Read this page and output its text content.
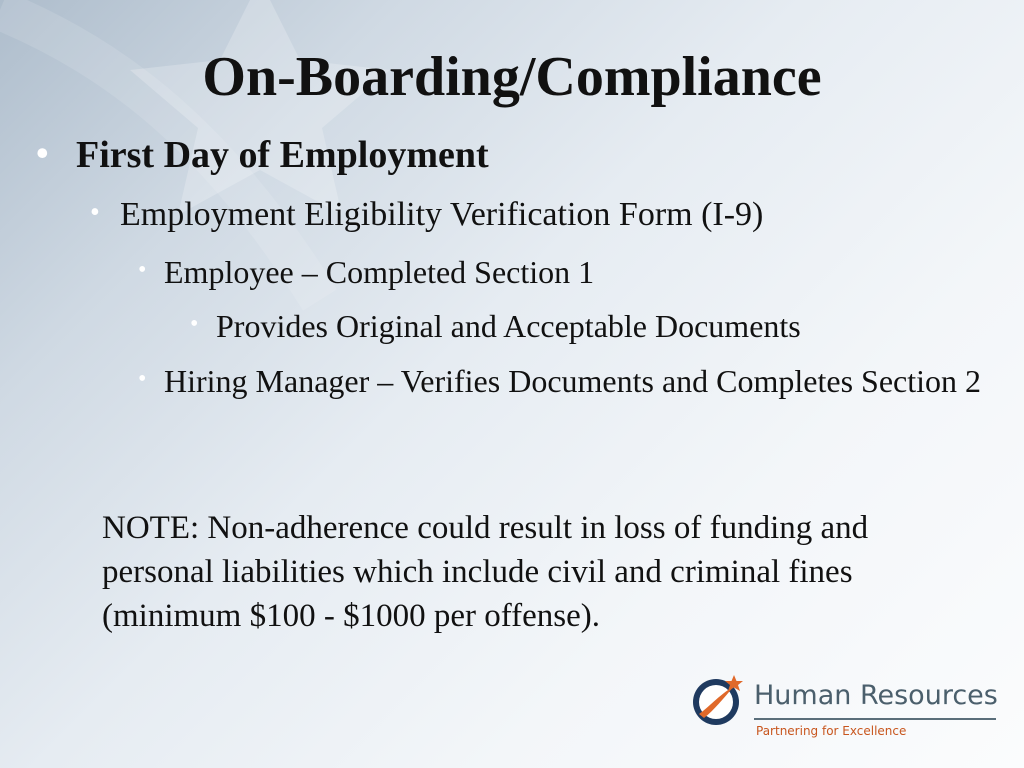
On-Boarding/Compliance
• First Day of Employment
• Employment Eligibility Verification Form (I-9)
• Employee – Completed Section 1
• Provides Original and Acceptable Documents
• Hiring Manager – Verifies Documents and Completes Section 2
NOTE: Non-adherence could result in loss of funding and personal liabilities which include civil and criminal fines (minimum $100 - $1000 per offense).
Human Resources
Partnering for Excellence
